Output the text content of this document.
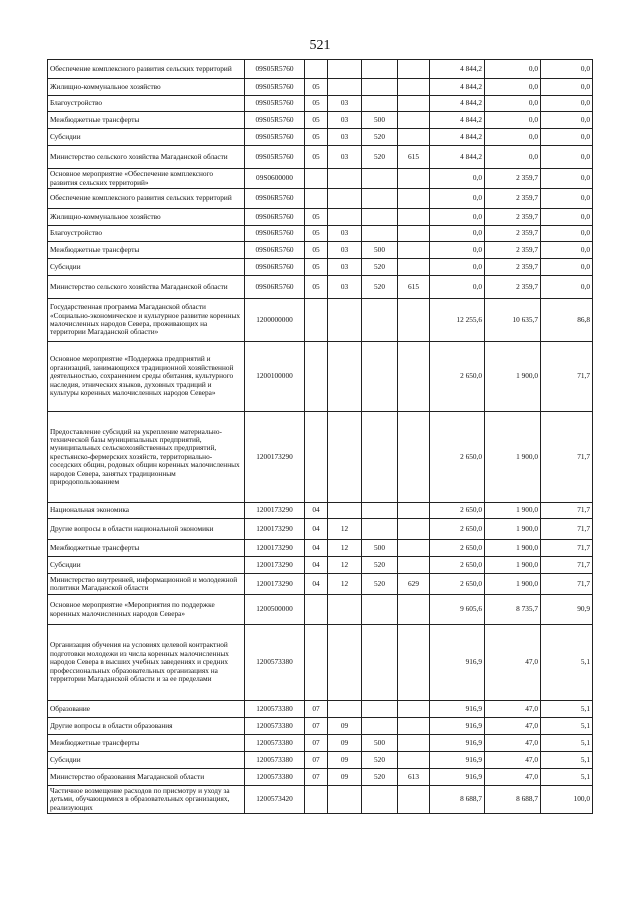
521
Обеспечение комплексного развития сельских территорий	09S05R5760					4 844,2	0,0	0,0
Жилищно-коммунальное хозяйство	09S05R5760	05				4 844,2	0,0	0,0
Благоустройство	09S05R5760	05	03			4 844,2	0,0	0,0
Межбюджетные трансферты	09S05R5760	05	03	500		4 844,2	0,0	0,0
Субсидии	09S05R5760	05	03	520		4 844,2	0,0	0,0
Министерство сельского хозяйства Магаданской области	09S05R5760	05	03	520	615	4 844,2	0,0	0,0
Основное мероприятие «Обеспечение комплексного развития сельских территорий»	09S0600000					0,0	2 359,7	0,0
Обеспечение комплексного развития сельских территорий	09S06R5760					0,0	2 359,7	0,0
Жилищно-коммунальное хозяйство	09S06R5760	05				0,0	2 359,7	0,0
Благоустройство	09S06R5760	05	03			0,0	2 359,7	0,0
Межбюджетные трансферты	09S06R5760	05	03	500		0,0	2 359,7	0,0
Субсидии	09S06R5760	05	03	520		0,0	2 359,7	0,0
Министерство сельского хозяйства Магаданской области	09S06R5760	05	03	520	615	0,0	2 359,7	0,0
Государственная программа Магаданской области «Социально-экономическое и культурное развитие коренных малочисленных народов Севера, проживающих на территории Магаданской области»	1200000000					12 255,6	10 635,7	86,8
Основное мероприятие «Поддержка предприятий и организаций, занимающихся традиционной хозяйственной деятельностью, сохранением среды обитания, культурного наследия, этнических языков, духовных традиций и культуры коренных малочисленных народов Севера»	1200100000					2 650,0	1 900,0	71,7
Предоставление субсидий на укрепление материально-технической базы муниципальных предприятий, муниципальных сельскохозяйственных предприятий, крестьянско-фермерских хозяйств, территориально-соседских общин, родовых общин коренных малочисленных народов Севера, занятых традиционным природопользованием	1200173290					2 650,0	1 900,0	71,7
Национальная экономика	1200173290	04				2 650,0	1 900,0	71,7
Другие вопросы в области национальной экономики	1200173290	04	12			2 650,0	1 900,0	71,7
Межбюджетные трансферты	1200173290	04	12	500		2 650,0	1 900,0	71,7
Субсидии	1200173290	04	12	520		2 650,0	1 900,0	71,7
Министерство внутренней, информационной и молодежной политики Магаданской области	1200173290	04	12	520	629	2 650,0	1 900,0	71,7
Основное мероприятие «Мероприятия по поддержке коренных малочисленных народов Севера»	1200500000					9 605,6	8 735,7	90,9
Организация обучения на условиях целевой контрактной подготовки молодежи из числа коренных малочисленных народов Севера в высших учебных заведениях и средних профессиональных образовательных организациях на территории Магаданской области и за ее пределами	1200573380					916,9	47,0	5,1
Образование	1200573380	07				916,9	47,0	5,1
Другие вопросы в области образования	1200573380	07	09			916,9	47,0	5,1
Межбюджетные трансферты	1200573380	07	09	500		916,9	47,0	5,1
Субсидии	1200573380	07	09	520		916,9	47,0	5,1
Министерство образования Магаданской области	1200573380	07	09	520	613	916,9	47,0	5,1
Частичное возмещение расходов по присмотру и уходу за детьми, обучающимися в образовательных организациях, реализующих	1200573420					8 688,7	8 688,7	100,0
